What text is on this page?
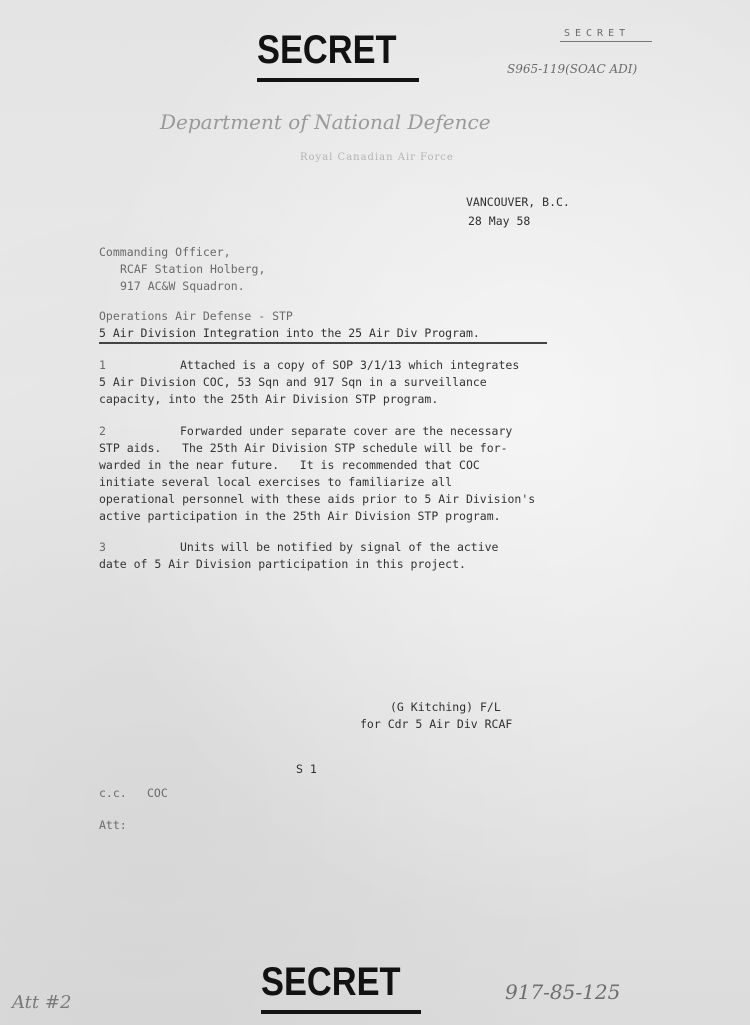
SECRET	SECRET
S965-119(SOAC ADI)
Department of National Defence
Royal Canadian Air Force
VANCOUVER, B.C.
28 May 58
Commanding Officer,
RCAF Station Holberg,
917 AC&W Squadron.
Operations Air Defense - STP
5 Air Division Integration into the 25 Air Div Program.
1	Attached is a copy of SOP 3/1/13 which integrates
5 Air Division COC, 53 Sqn and 917 Sqn in a surveillance
capacity, into the 25th Air Division STP program.
2	Forwarded under separate cover are the necessary
STP aids.   The 25th Air Division STP schedule will be for-
warded in the near future.   It is recommended that COC
initiate several local exercises to familiarize all
operational personnel with these aids prior to 5 Air Division's
active participation in the 25th Air Division STP program.
3	Units will be notified by signal of the active
date of 5 Air Division participation in this project.
(G Kitching) F/L
for Cdr 5 Air Div RCAF
S 1
c.c. COC
Att:
SECRET
Att #2	917-85-125
